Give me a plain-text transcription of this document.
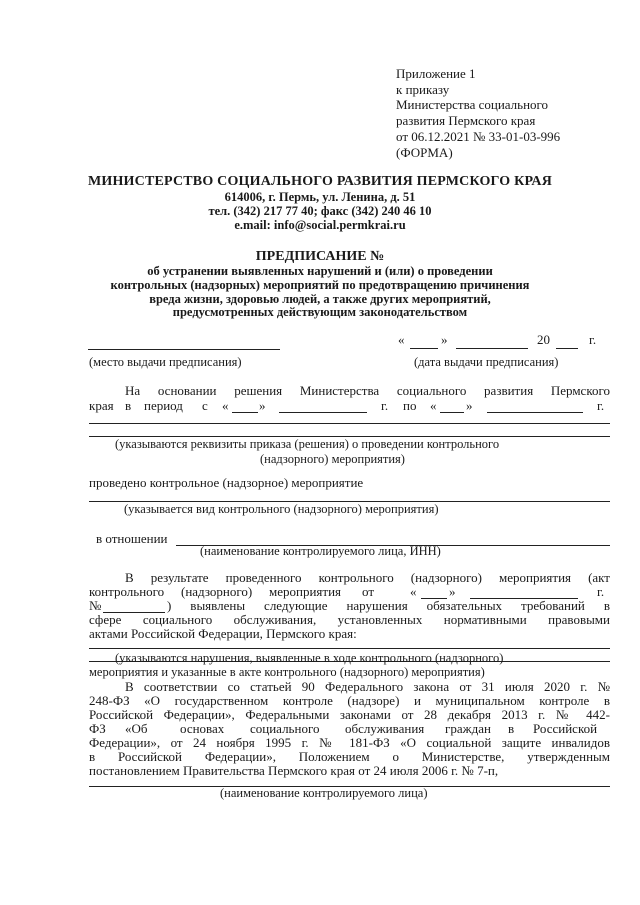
Приложение 1
к приказу
Министерства социального
развития Пермского края
от 06.12.2021 № 33-01-03-996
(ФОРМА)
МИНИСТЕРСТВО СОЦИАЛЬНОГО РАЗВИТИЯ ПЕРМСКОГО КРАЯ
614006, г. Пермь, ул. Ленина, д. 51
тел. (342) 217 77 40; факс (342) 240 46 10
e.mail: info@social.permkrai.ru
ПРЕДПИСАНИЕ №
об устранении выявленных нарушений и (или) о проведении
контрольных (надзорных) мероприятий по предотвращению причинения
вреда жизни, здоровью людей, а также других мероприятий,
предусмотренных действующим законодательством
«	»	20	г.
(место выдачи предписания)	(дата выдачи предписания)
На основании решения Министерства социального развития Пермского
края в период с « »	г. по « »	г.
(указываются реквизиты приказа (решения) о проведении контрольного
(надзорного) мероприятия)
проведено контрольное (надзорное) мероприятие
(указывается вид контрольного (надзорного) мероприятия)
в отношении
(наименование контролируемого лица, ИНН)
В результате проведенного контрольного (надзорного) мероприятия (акт
контрольного (надзорного) мероприятия от	«	»	г.
№	) выявлены следующие нарушения обязательных требований в
сфере социального обслуживания, установленных нормативными правовыми
актами Российской Федерации, Пермского края:
(указываются нарушения, выявленные в ходе контрольного (надзорного)
мероприятия и указанные в акте контрольного (надзорного) мероприятия)
В соответствии со статьей 90 Федерального закона от 31 июля 2020 г. №
248-ФЗ «О государственном контроле (надзоре) и муниципальном контроле в
Российской Федерации», Федеральными законами от 28 декабря 2013 г. № 442-
ФЗ «Об основах социального обслуживания граждан в Российской
Федерации», от 24 ноября 1995 г. № 181-ФЗ «О социальной защите инвалидов
в Российской Федерации», Положением о Министерстве, утвержденным
постановлением Правительства Пермского края от 24 июля 2006 г. № 7-п,
(наименование контролируемого лица)
